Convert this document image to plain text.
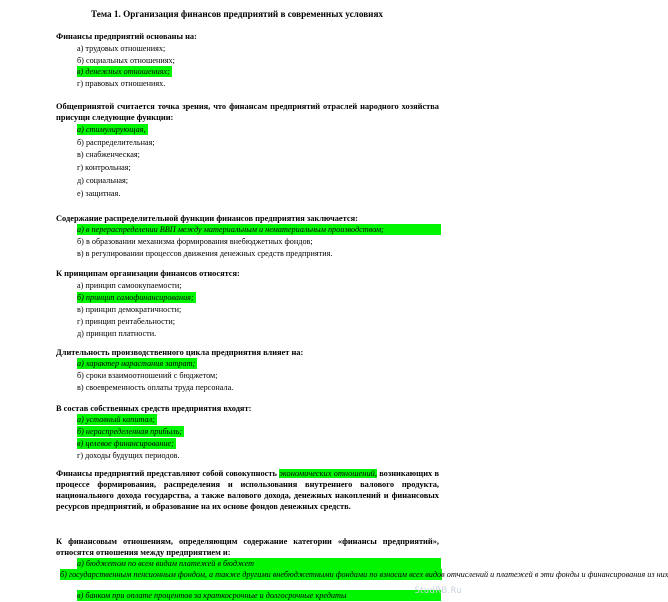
Тема 1. Организация финансов предприятий в современных условиях
Финансы предприятий основаны на:
а) трудовых отношениях;
б) социальных отношениях;
в) денежных отношениях;
г) правовых отношениях.
Общепринятой считается точка зрения, что финансам предприятий отраслей народного хозяйства присущи следующие функции:
а) стимулирующая,
б) распределительная;
в) снабженческая;
г) контрольная;
д) социальная;
е) защитная.
Содержание распределительной функции финансов предприятия заключается:
а) в перераспределении ВВП между материальным и нематериальным производством;
б) в образовании механизма формирования внебюджетных фондов;
в) в регулировании процессов движения денежных средств предприятия.
К принципам организации финансов относятся:
а) принцип самоокупаемости;
б) принцип самофинансирования;
в) принцип демократичности;
г) принцип рентабельности;
д) принцип платности.
Длительность производственного цикла предприятия влияет на:
а) характер нарастания затрат;
б) сроки взаимоотношений с бюджетом;
в) своевременность оплаты труда персонала.
В состав собственных средств предприятия входят:
а) уставный капитал;
б) нераспределенная прибыль;
в) целевое финансирование;
г) доходы будущих периодов.
Финансы предприятий представляют собой совокупность экономических отношений, возникающих в процессе формирования, распределения и использования внутреннего валового продукта, национального дохода государства, а также валового дохода, денежных накоплений и финансовых ресурсов предприятий, и образование на их основе фондов денежных средств.
К финансовым отношениям, определяющим содержание категории «финансы предприятий», относятся отношения между предприятием и:
а) бюджетом по всем видам платежей в бюджет
б) государственным пенсионным фондом, а также другими внебюджетными фондами по взносам всех видов отчислений и платежей в эти фонды и финансирования из них
в) банком при оплате процентов за краткосрочные и долгосрочные кредиты	StudRB.Ru
